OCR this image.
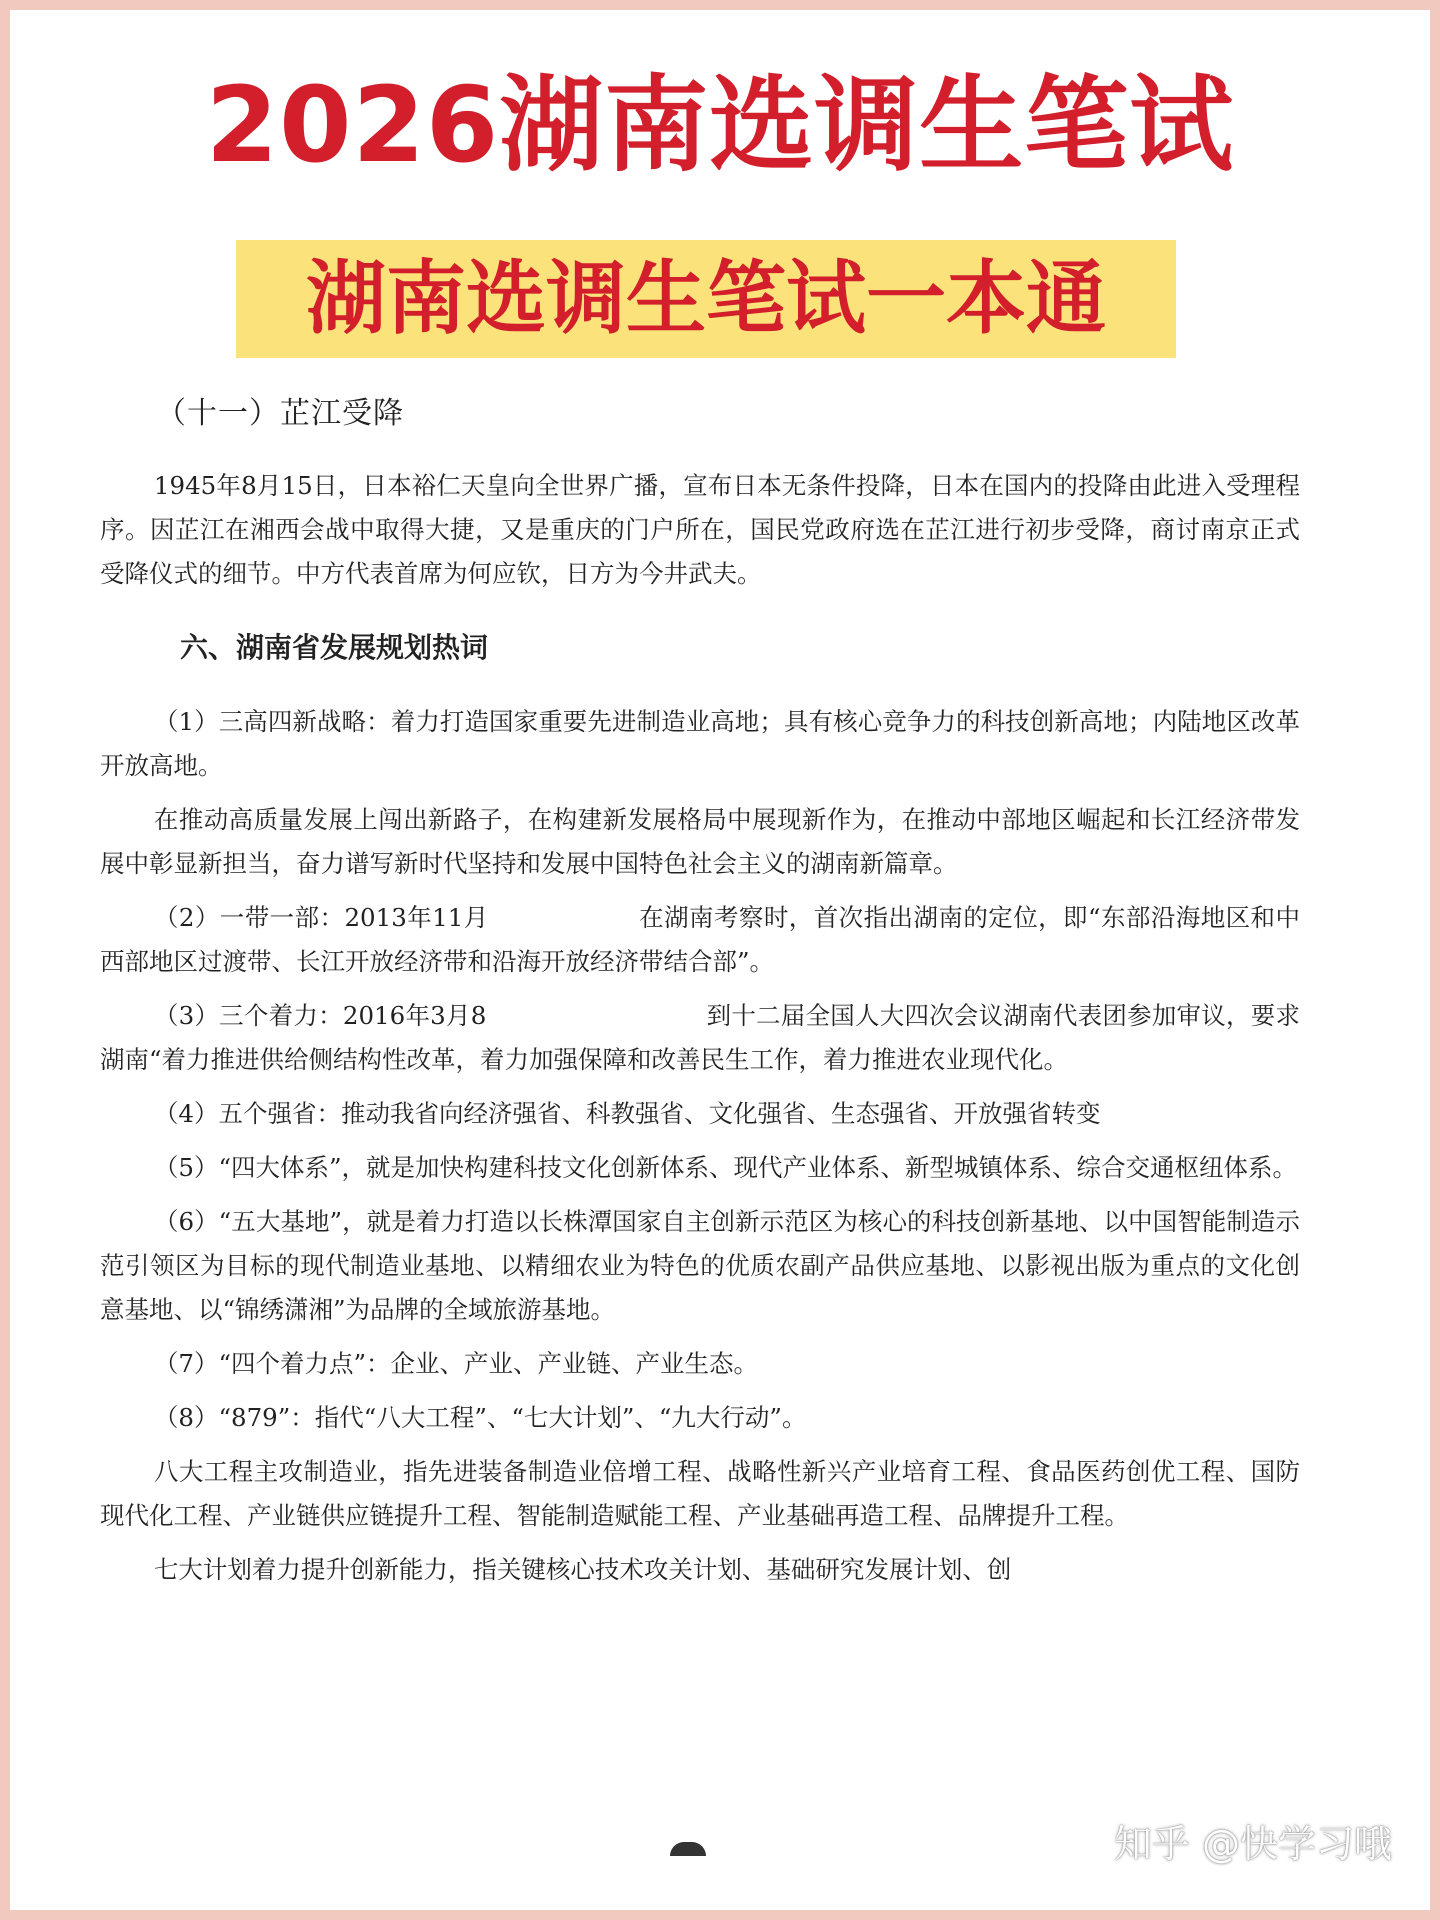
2026湖南选调生笔试
湖南选调生笔试一本通
（十一）芷江受降

1945年8月15日，日本裕仁天皇向全世界广播，宣布日本无条件投降，日本在国内的投降由此进入受理程序。因芷江在湘西会战中取得大捷，又是重庆的门户所在，国民党政府选在芷江进行初步受降，商讨南京正式受降仪式的细节。中方代表首席为何应钦，日方为今井武夫。

六、湖南省发展规划热词

（1）三高四新战略：着力打造国家重要先进制造业高地；具有核心竞争力的科技创新高地；内陆地区改革开放高地。

在推动高质量发展上闯出新路子，在构建新发展格局中展现新作为，在推动中部地区崛起和长江经济带发展中彰显新担当，奋力谱写新时代坚持和发展中国特色社会主义的湖南新篇章。

（2）一带一部：2013年11月	在湖南考察时，首次指出湖南的定位，即“东部沿海地区和中西部地区过渡带、长江开放经济带和沿海开放经济带结合部”。

（3）三个着力：2016年3月8	到十二届全国人大四次会议湖南代表团参加审议，要求湖南“着力推进供给侧结构性改革，着力加强保障和改善民生工作，着力推进农业现代化。

（4）五个强省：推动我省向经济强省、科教强省、文化强省、生态强省、开放强省转变

（5）“四大体系”，就是加快构建科技文化创新体系、现代产业体系、新型城镇体系、综合交通枢纽体系。

（6）“五大基地”，就是着力打造以长株潭国家自主创新示范区为核心的科技创新基地、以中国智能制造示范引领区为目标的现代制造业基地、以精细农业为特色的优质农副产品供应基地、以影视出版为重点的文化创意基地、以“锦绣潇湘”为品牌的全域旅游基地。

（7）“四个着力点”：企业、产业、产业链、产业生态。

（8）“879”：指代“八大工程”、“七大计划”、“九大行动”。

八大工程主攻制造业，指先进装备制造业倍增工程、战略性新兴产业培育工程、食品医药创优工程、国防现代化工程、产业链供应链提升工程、智能制造赋能工程、产业基础再造工程、品牌提升工程。

七大计划着力提升创新能力，指关键核心技术攻关计划、基础研究发展计划、创

知乎 @快学习哦
